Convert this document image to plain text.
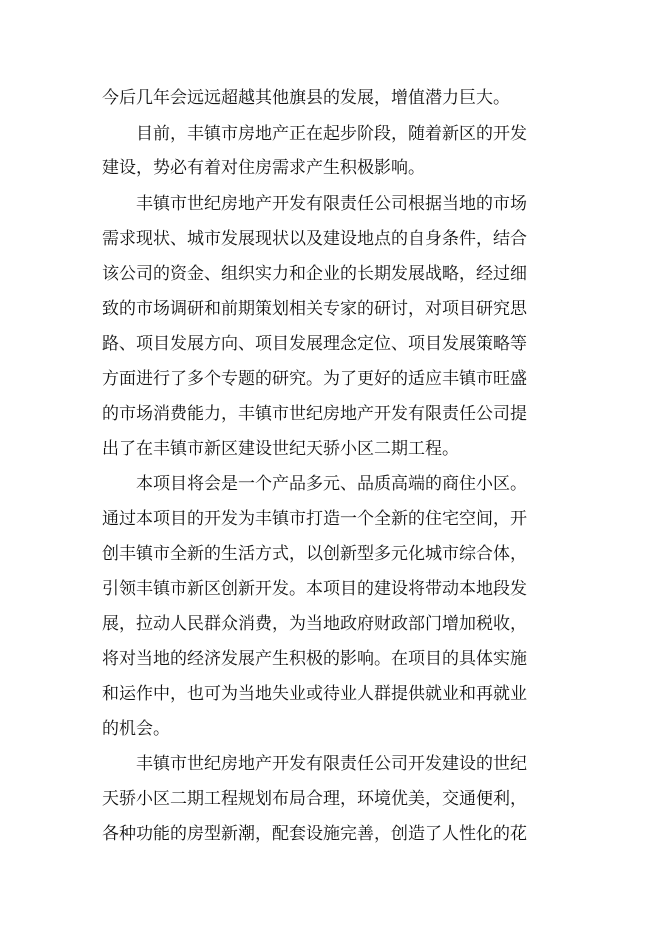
今后几年会远远超越其他旗县的发展，增值潜力巨大。
目前，丰镇市房地产正在起步阶段，随着新区的开发
建设，势必有着对住房需求产生积极影响。
丰镇市世纪房地产开发有限责任公司根据当地的市场
需求现状、城市发展现状以及建设地点的自身条件，结合
该公司的资金、组织实力和企业的长期发展战略，经过细
致的市场调研和前期策划相关专家的研讨，对项目研究思
路、项目发展方向、项目发展理念定位、项目发展策略等
方面进行了多个专题的研究。为了更好的适应丰镇市旺盛
的市场消费能力，丰镇市世纪房地产开发有限责任公司提
出了在丰镇市新区建设世纪天骄小区二期工程。
本项目将会是一个产品多元、品质高端的商住小区。
通过本项目的开发为丰镇市打造一个全新的住宅空间，开
创丰镇市全新的生活方式，以创新型多元化城市综合体，
引领丰镇市新区创新开发。本项目的建设将带动本地段发
展，拉动人民群众消费，为当地政府财政部门增加税收，
将对当地的经济发展产生积极的影响。在项目的具体实施
和运作中，也可为当地失业或待业人群提供就业和再就业
的机会。
丰镇市世纪房地产开发有限责任公司开发建设的世纪
天骄小区二期工程规划布局合理，环境优美，交通便利，
各种功能的房型新潮，配套设施完善，创造了人性化的花
